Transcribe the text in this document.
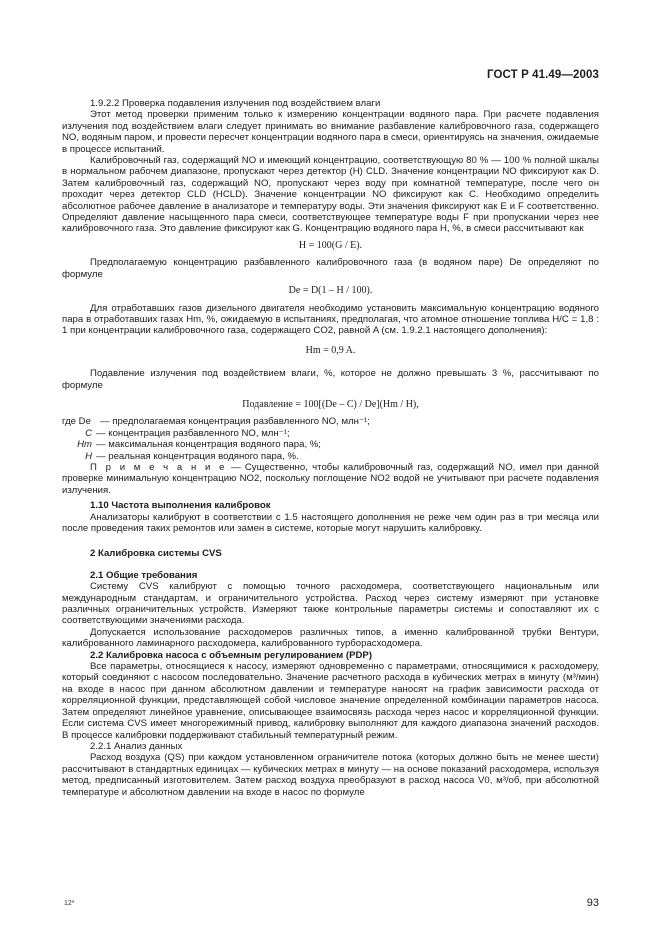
ГОСТ Р 41.49—2003

1.9.2.2 Проверка подавления излучения под воздействием влаги

Этот метод проверки применим только к измерению концентрации водяного пара. При расчете подавления излучения под воздействием влаги следует принимать во внимание разбавление калибровочного газа, содержащего NO, водяным паром, и провести пересчет концентрации водяного пара в смеси, ориентируясь на значения, ожидаемые в процессе испытаний.

Калибровочный газ, содержащий NO и имеющий концентрацию, соответствующую 80 % — 100 % полной шкалы в нормальном рабочем диапазоне, пропускают через детектор (H) CLD. Значение концентрации NO фиксируют как D. Затем калибровочный газ, содержащий NO, пропускают через воду при комнатной температуре, после чего он проходит через детектор CLD (HCLD). Значение концентрации NO фиксируют как C. Необходимо определить абсолютное рабочее давление в анализаторе и температуру воды. Эти значения фиксируют как E и F соответственно. Определяют давление насыщенного пара смеси, соответствующее температуре воды F при пропускании через нее калибровочного газа. Это давление фиксируют как G. Концентрацию водяного пара H, %, в смеси рассчитывают как

H = 100(G / E).

Предполагаемую концентрацию разбавленного калибровочного газа (в водяном паре) De определяют по формуле

De = D(1 – H / 100).

Для отработавших газов дизельного двигателя необходимо установить максимальную концентрацию водяного пара в отработавших газах Hm, %, ожидаемую в испытаниях, предполагая, что атомное отношение топлива H/C = 1,8 : 1 при концентрации калибровочного газа, содержащего CO2, равной A (см. 1.9.2.1 настоящего дополнения):

Hm = 0,9 A.

Подавление излучения под воздействием влаги, %, которое не должно превышать 3 %, рассчитывают по формуле

Подавление = 100[(De – C) / De](Hm / H),
где De — предполагаемая концентрация разбавленного NO, млн⁻¹;
C — концентрация разбавленного NO, млн⁻¹;
Hm — максимальная концентрация водяного пара, %;
H — реальная концентрация водяного пара, %.

П р и м е ч а н и е — Существенно, чтобы калибровочный газ, содержащий NO, имел при данной проверке минимальную концентрацию NO2, поскольку поглощение NO2 водой не учитывают при расчете подавления излучения.

1.10 Частота выполнения калибровок

Анализаторы калибруют в соответствии с 1.5 настоящего дополнения не реже чем один раз в три месяца или после проведения таких ремонтов или замен в системе, которые могут нарушить калибровку.

2 Калибровка системы CVS

2.1 Общие требования

Систему CVS калибруют с помощью точного расходомера, соответствующего национальным или международным стандартам, и ограничительного устройства. Расход через систему измеряют при установке различных ограничительных устройств. Измеряют также контрольные параметры системы и сопоставляют их с соответствующими значениями расхода.

Допускается использование расходомеров различных типов, а именно калиброванной трубки Вентури, калиброванного ламинарного расходомера, калиброванного турборасходомера.

2.2 Калибровка насоса с объемным регулированием (PDP)

Все параметры, относящиеся к насосу, измеряют одновременно с параметрами, относящимися к расходомеру, который соединяют с насосом последовательно. Значение расчетного расхода в кубических метрах в минуту (м³/мин) на входе в насос при данном абсолютном давлении и температуре наносят на график зависимости расхода от корреляционной функции, представляющей собой числовое значение определенной комбинации параметров насоса. Затем определяют линейное уравнение, описывающее взаимосвязь расхода через насос и корреляционной функции. Если система CVS имеет многорежимный привод, калибровку выполняют для каждого диапазона значений расходов. В процессе калибровки поддерживают стабильный температурный режим.

2.2.1 Анализ данных

Расход воздуха (QS) при каждом установленном ограничителе потока (которых должно быть не менее шести) рассчитывают в стандартных единицах — кубических метрах в минуту — на основе показаний расходомера, используя метод, предписанный изготовителем. Затем расход воздуха преобразуют в расход насоса V0, м³/об, при абсолютной температуре и абсолютном давлении на входе в насос по формуле

12*	93
